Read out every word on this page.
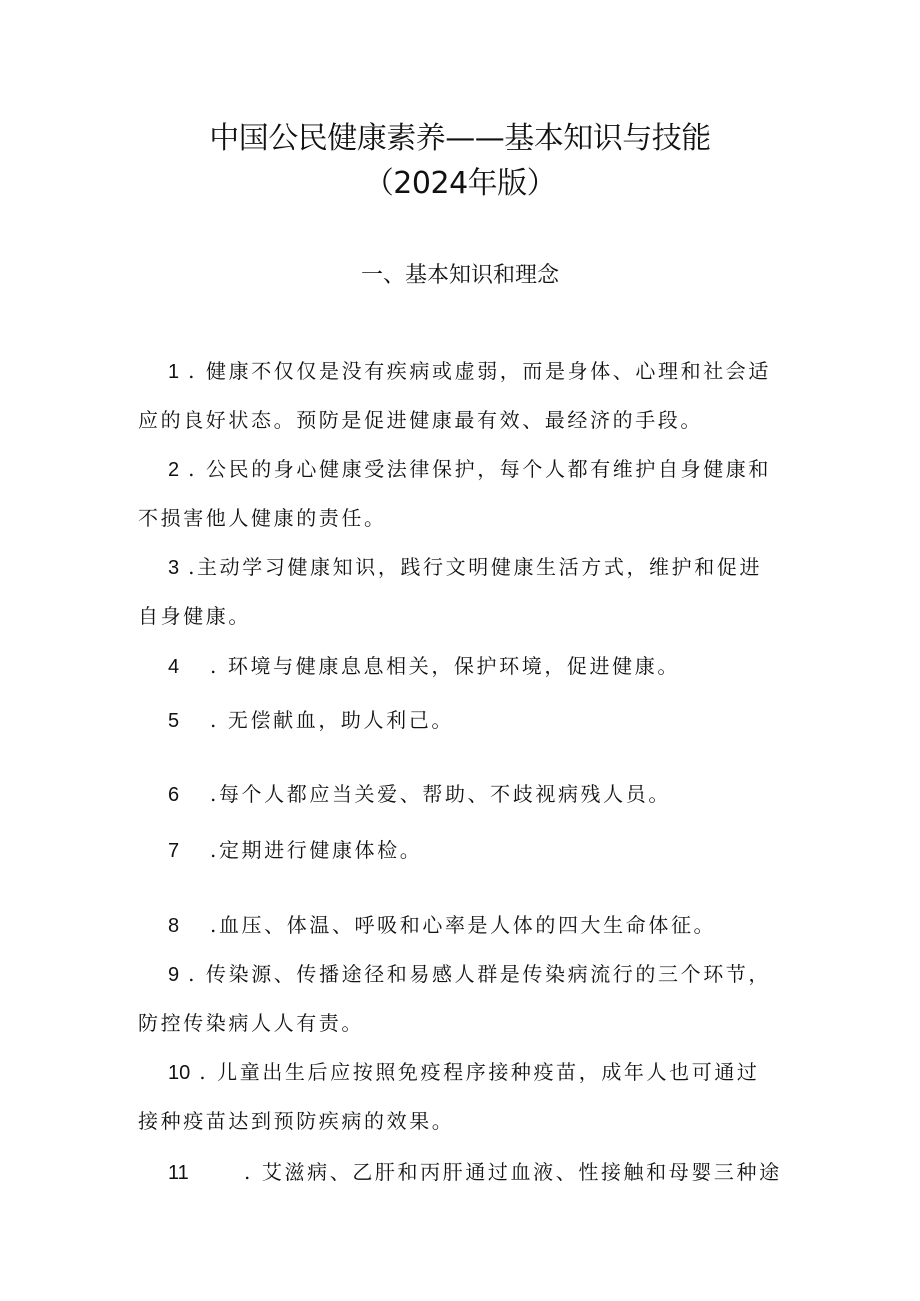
中国公民健康素养——基本知识与技能
（2024年版）
一、基本知识和理念
1 . 健康不仅仅是没有疾病或虚弱，而是身体、心理和社会适
应的良好状态。预防是促进健康最有效、最经济的手段。
2 . 公民的身心健康受法律保护，每个人都有维护自身健康和
不损害他人健康的责任。
3 .主动学习健康知识，践行文明健康生活方式，维护和促进
自身健康。
4 . 环境与健康息息相关，保护环境，促进健康。
5 . 无偿献血，助人利己。
6 .每个人都应当关爱、帮助、不歧视病残人员。
7 .定期进行健康体检。
8 .血压、体温、呼吸和心率是人体的四大生命体征。
9 . 传染源、传播途径和易感人群是传染病流行的三个环节，
防控传染病人人有责。
10 . 儿童出生后应按照免疫程序接种疫苗，成年人也可通过
接种疫苗达到预防疾病的效果。
11	. 艾滋病、乙肝和丙肝通过血液、性接触和母婴三种途
